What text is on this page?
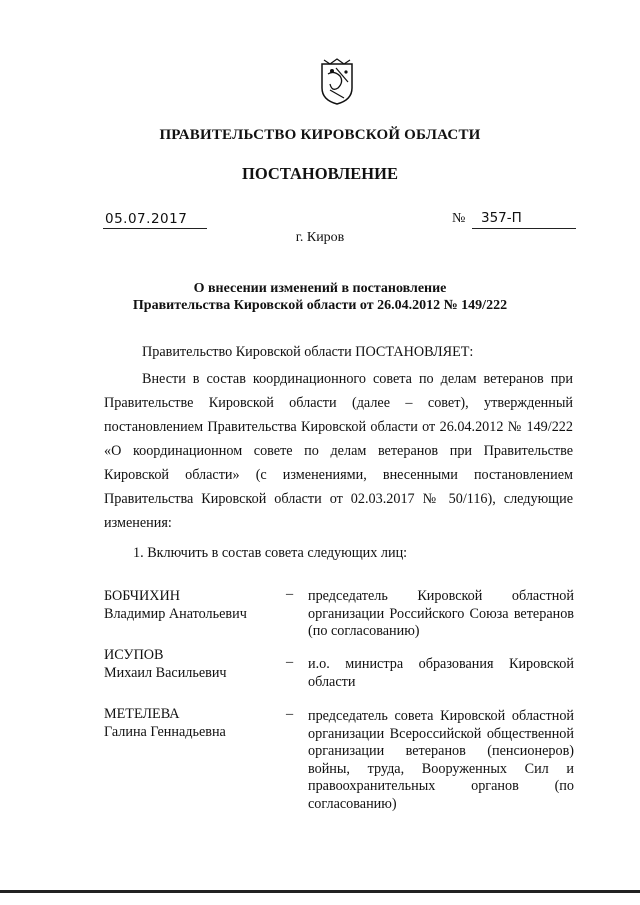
ПРАВИТЕЛЬСТВО КИРОВСКОЙ ОБЛАСТИ
ПОСТАНОВЛЕНИЕ
05.07.2017	№ 357-П
г. Киров
О внесении изменений в постановление
Правительства Кировской области от 26.04.2012 № 149/222
Правительство Кировской области ПОСТАНОВЛЯЕТ:
Внести в состав координационного совета по делам ветеранов при Правительстве Кировской области (далее – совет), утвержденный постановлением Правительства Кировской области от 26.04.2012 № 149/222 «О координационном совете по делам ветеранов при Правительстве Кировской области» (с изменениями, внесенными постановлением Правительства Кировской области от 02.03.2017 № 50/116), следующие изменения:
1. Включить в состав совета следующих лиц:
БОБЧИХИН
Владимир Анатольевич
– председатель Кировской областной организации Российского Союза ветеранов (по согласованию)
ИСУПОВ
Михаил Васильевич
– и.о. министра образования Кировской области
МЕТЕЛЕВА
Галина Геннадьевна
– председатель совета Кировской областной организации Всероссийской общественной организации ветеранов (пенсионеров) войны, труда, Вооруженных Сил и правоохранительных органов (по согласованию)
